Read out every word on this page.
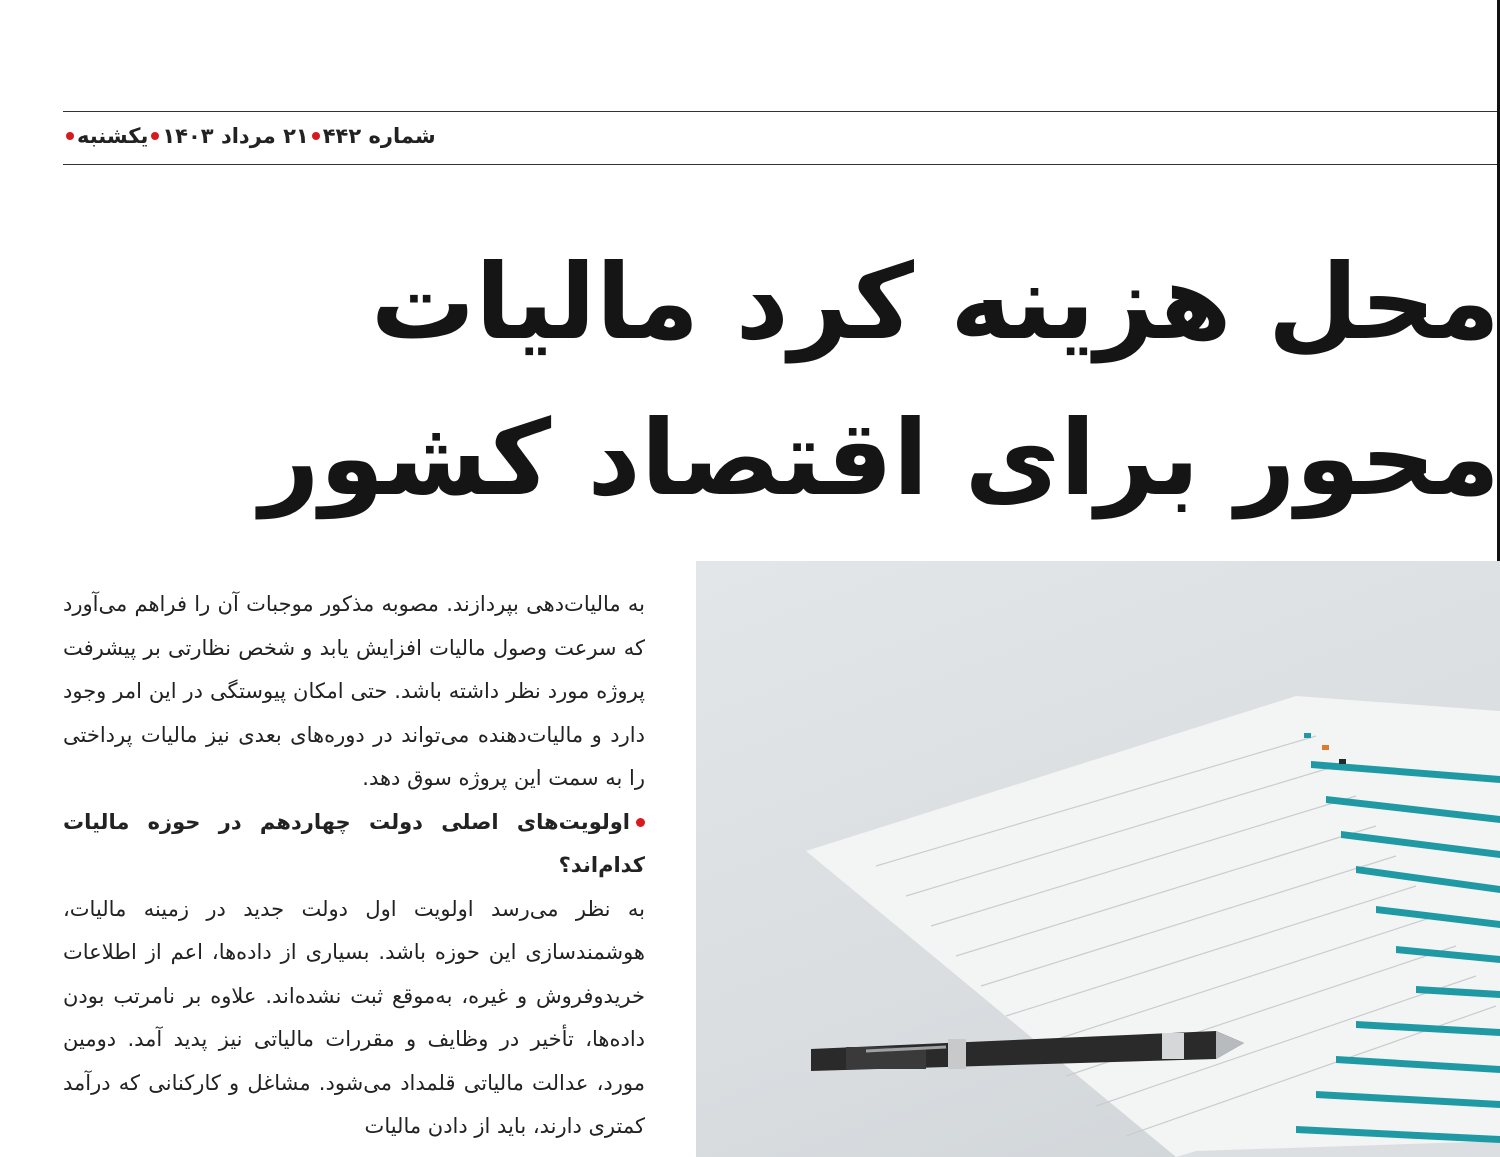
شماره ۴۴۲
۲۱ مرداد ۱۴۰۳
یکشنبه
محل هزینه کرد مالیات
محور برای اقتصاد کشور

به مالیات‌دهی بپردازند. مصوبه مذکور موجبات آن را فراهم می‌آورد که سرعت وصول مالیات افزایش یابد و شخص نظارتی بر پیشرفت پروژه مورد نظر داشته باشد. حتی امکان پیوستگی در این امر وجود دارد و مالیات‌دهنده می‌تواند در دوره‌های بعدی نیز مالیات پرداختی را به سمت این پروژه سوق دهد.

اولویت‌های اصلی دولت چهاردهم در حوزه مالیات کدام‌اند؟

به نظر می‌رسد اولویت اول دولت جدید در زمینه مالیات، هوشمندسازی این حوزه باشد. بسیاری از داده‌ها، اعم از اطلاعات خریدوفروش و غیره، به‌موقع ثبت نشده‌اند. علاوه بر نامرتب بودن داده‌ها، تأخیر در وظایف و مقررات مالیاتی نیز پدید آمد. دومین مورد، عدالت مالیاتی قلمداد می‌شود. مشاغل و کارکنانی که درآمد کمتری دارند، باید از دادن مالیات
